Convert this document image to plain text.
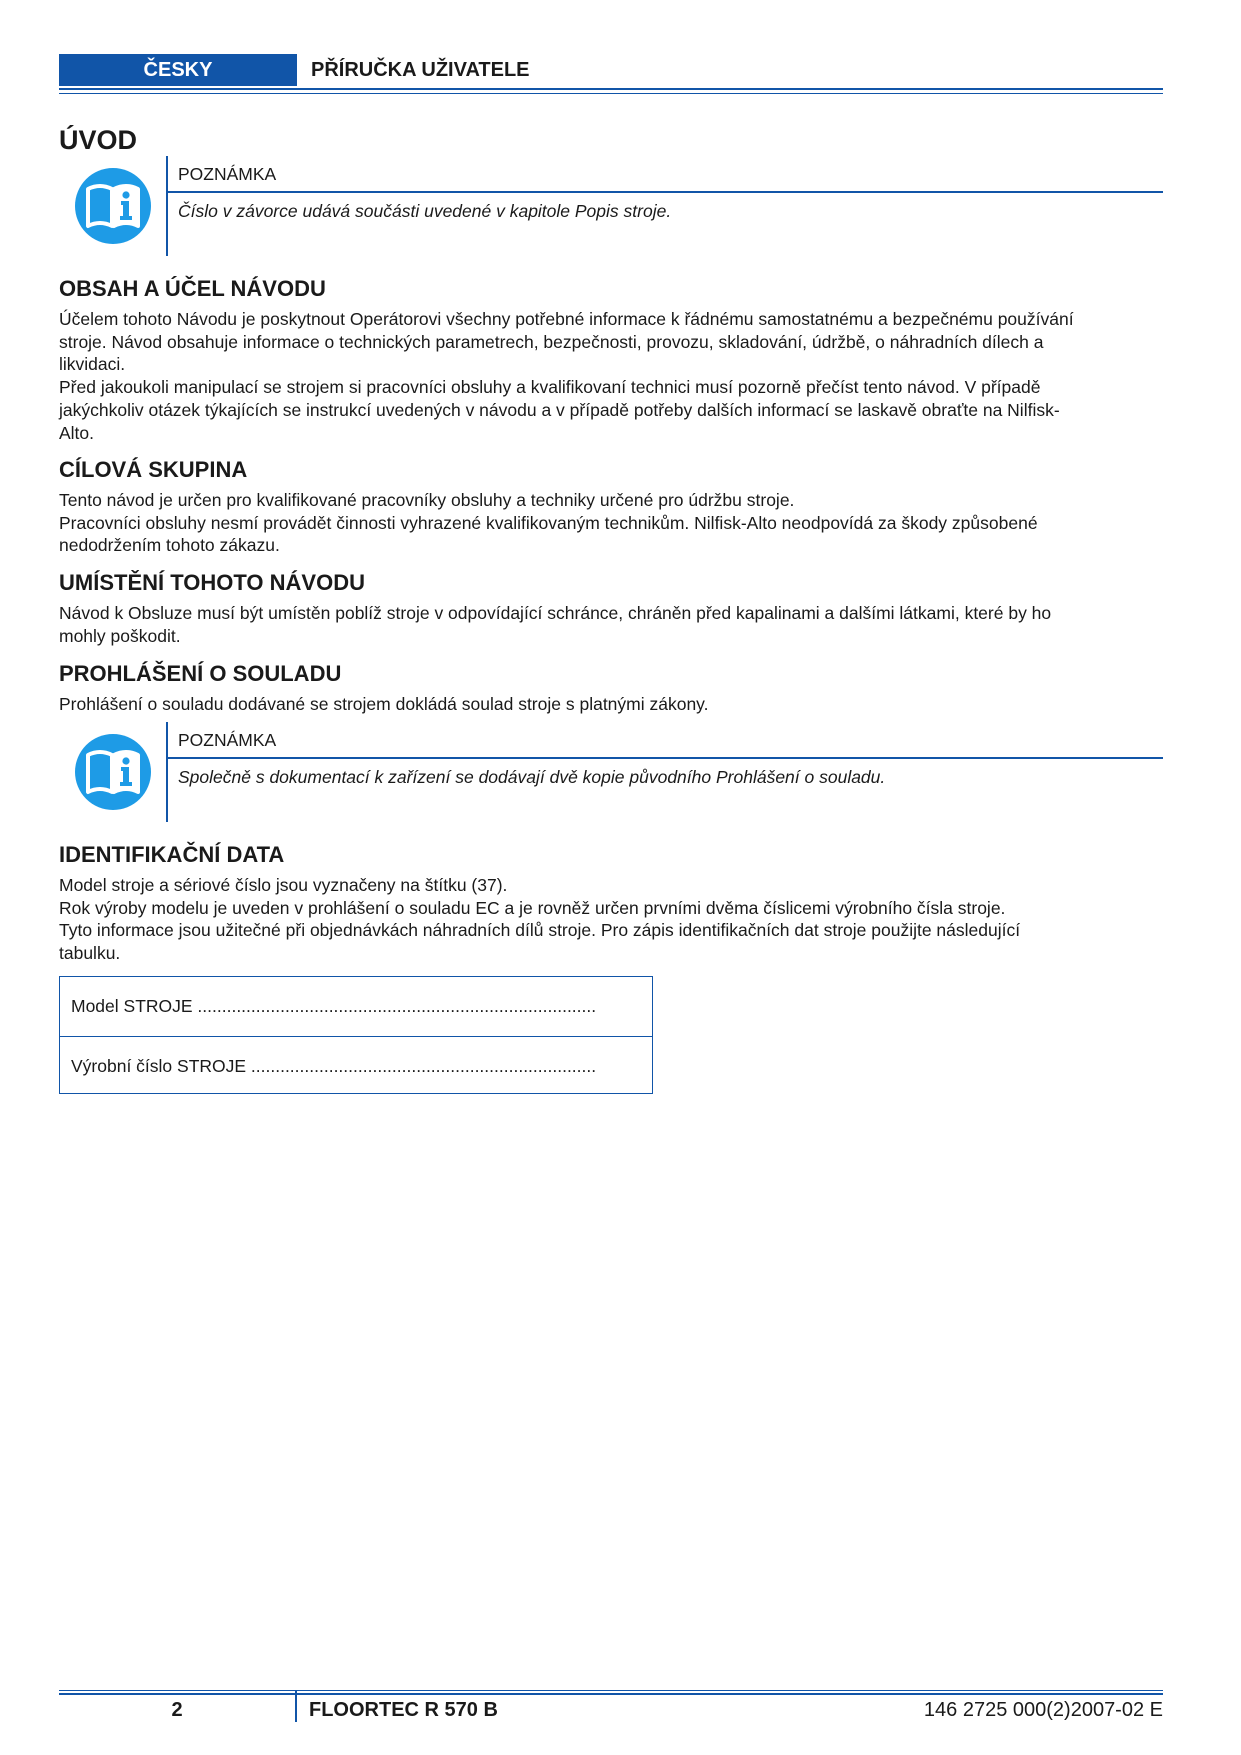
ČESKY	PŘÍRUČKA UŽIVATELE
ÚVOD
POZNÁMKA
Číslo v závorce udává součásti uvedené v kapitole Popis stroje.
OBSAH A ÚČEL NÁVODU
Účelem tohoto Návodu je poskytnout Operátorovi všechny potřebné informace k řádnému samostatnému a bezpečnému používání
stroje. Návod obsahuje informace o technických parametrech, bezpečnosti, provozu, skladování, údržbě, o náhradních dílech a
likvidaci.
Před jakoukoli manipulací se strojem si pracovníci obsluhy a kvalifikovaní technici musí pozorně přečíst tento návod. V případě
jakýchkoliv otázek týkajících se instrukcí uvedených v návodu a v případě potřeby dalších informací se laskavě obraťte na Nilfisk-
Alto.
CÍLOVÁ SKUPINA
Tento návod je určen pro kvalifikované pracovníky obsluhy a techniky určené pro údržbu stroje.
Pracovníci obsluhy nesmí provádět činnosti vyhrazené kvalifikovaným technikům. Nilfisk-Alto neodpovídá za škody způsobené
nedodržením tohoto zákazu.
UMÍSTĚNÍ TOHOTO NÁVODU
Návod k Obsluze musí být umístěn poblíž stroje v odpovídající schránce, chráněn před kapalinami a dalšími látkami, které by ho
mohly poškodit.
PROHLÁŠENÍ O SOULADU
Prohlášení o souladu dodávané se strojem dokládá soulad stroje s platnými zákony.
POZNÁMKA
Společně s dokumentací k zařízení se dodávají dvě kopie původního Prohlášení o souladu.
IDENTIFIKAČNÍ DATA
Model stroje a sériové číslo jsou vyznačeny na štítku (37).
Rok výroby modelu je uveden v prohlášení o souladu EC a je rovněž určen prvními dvěma číslicemi výrobního čísla stroje.
Tyto informace jsou užitečné při objednávkách náhradních dílů stroje. Pro zápis identifikačních dat stroje použijte následující
tabulku.
Model STROJE ..................................................................................
Výrobní číslo STROJE .......................................................................
2	FLOORTEC R 570 B	146 2725 000(2)2007-02 E
